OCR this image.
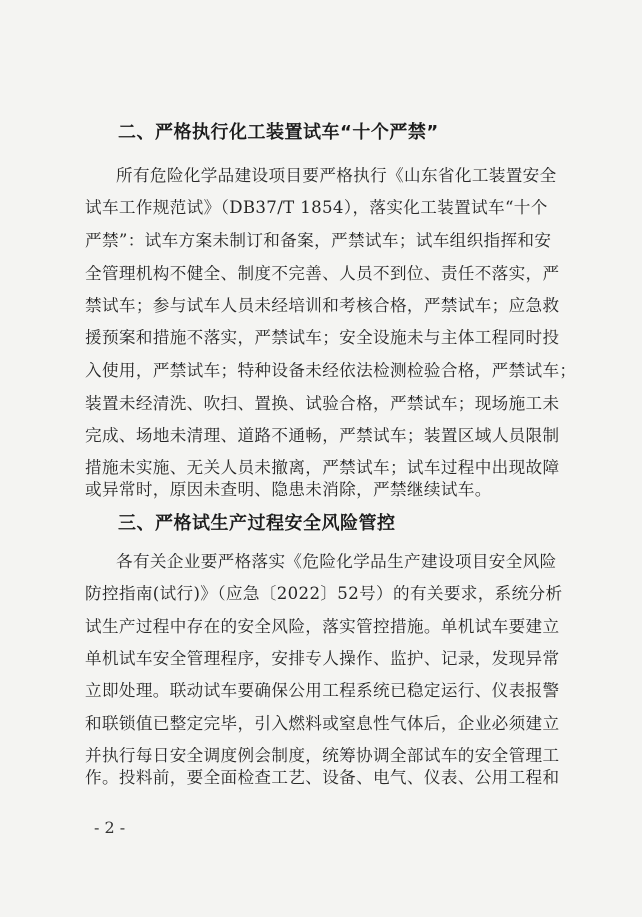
二、严格执行化工装置试车“十个严禁”
所有危险化学品建设项目要严格执行《山东省化工装置安全
试车工作规范试》（DB37/T 1854），落实化工装置试车“十个
严禁”：试车方案未制订和备案，严禁试车；试车组织指挥和安
全管理机构不健全、制度不完善、人员不到位、责任不落实，严
禁试车；参与试车人员未经培训和考核合格，严禁试车；应急救
援预案和措施不落实，严禁试车；安全设施未与主体工程同时投
入使用，严禁试车；特种设备未经依法检测检验合格，严禁试车；
装置未经清洗、吹扫、置换、试验合格，严禁试车；现场施工未
完成、场地未清理、道路不通畅，严禁试车；装置区域人员限制
措施未实施、无关人员未撤离，严禁试车；试车过程中出现故障
或异常时，原因未查明、隐患未消除，严禁继续试车。
三、严格试生产过程安全风险管控
各有关企业要严格落实《危险化学品生产建设项目安全风险
防控指南(试行)》（应急〔2022〕52号）的有关要求，系统分析
试生产过程中存在的安全风险，落实管控措施。单机试车要建立
单机试车安全管理程序，安排专人操作、监护、记录，发现异常
立即处理。联动试车要确保公用工程系统已稳定运行、仪表报警
和联锁值已整定完毕，引入燃料或窒息性气体后，企业必须建立
并执行每日安全调度例会制度，统筹协调全部试车的安全管理工
作。投料前，要全面检查工艺、设备、电气、仪表、公用工程和
- 2 -
